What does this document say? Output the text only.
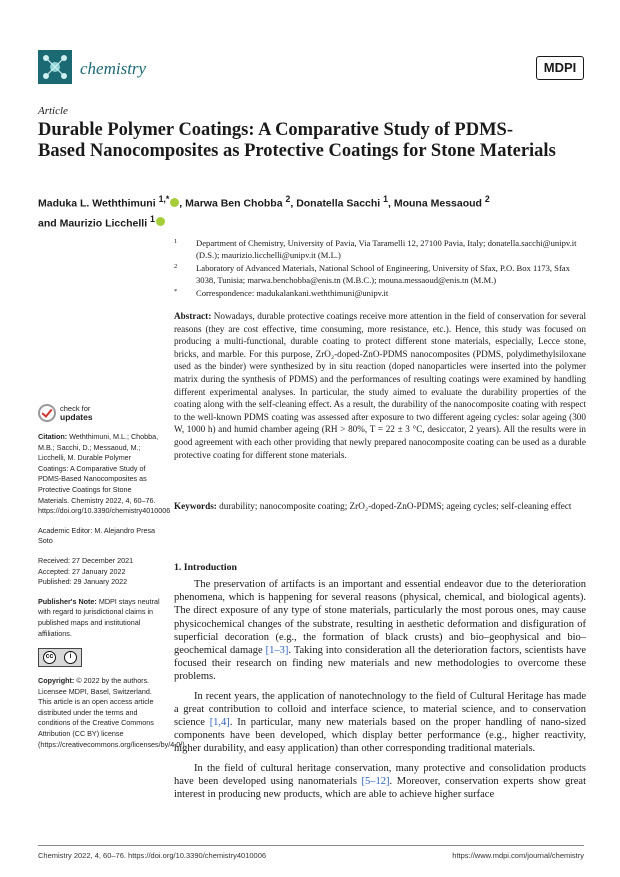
chemistry	MDPI
Article
Durable Polymer Coatings: A Comparative Study of PDMS-Based Nanocomposites as Protective Coatings for Stone Materials
Maduka L. Weththimuni $^{1,*}$ , Marwa Ben Chobba $^2$, Donatella Sacchi $^1$, Mouna Messaoud $^2$
and Maurizio Licchelli $^1$
1 Department of Chemistry, University of Pavia, Via Taramelli 12, 27100 Pavia, Italy; donatella.sacchi@unipv.it (D.S.); maurizio.licchelli@unipv.it (M.L.)
2 Laboratory of Advanced Materials, National School of Engineering, University of Sfax, P.O. Box 1173, Sfax 3038, Tunisia; marwa.benchobba@enis.tn (M.B.C.); mouna.messaoud@enis.tn (M.M.)
* Correspondence: madukalankani.weththimuni@unipv.it
Abstract: Nowadays, durable protective coatings receive more attention in the field of conservation for several reasons (they are cost effective, time consuming, more resistance, etc.). Hence, this study was focused on producing a multi-functional, durable coating to protect different stone materials, especially, Lecce stone, bricks, and marble. For this purpose, ZrO₂-doped-ZnO-PDMS nanocomposites (PDMS, polydimethylsiloxane used as the binder) were synthesized by in situ reaction (doped nanoparticles were inserted into the polymer matrix during the synthesis of PDMS) and the performances of resulting coatings were examined by handling different experimental analyses. In particular, the study aimed to evaluate the durability properties of the coating along with the self-cleaning effect. As a result, the durability of the nanocomposite coating with respect to the well-known PDMS coating was assessed after exposure to two different ageing cycles: solar ageing (300 W, 1000 h) and humid chamber ageing (RH > 80%, T = 22 ± 3 °C, desiccator, 2 years). All the results were in good agreement with each other providing that newly prepared nanocomposite coating can be used as a durable protective coating for different stone materials.
Keywords: durability; nanocomposite coating; ZrO₂-doped-ZnO-PDMS; ageing cycles; self-cleaning effect
check for
updates
Citation: Weththimuni, M.L.; Chobba, M.B.; Sacchi, D.; Messaoud, M.; Licchelli, M. Durable Polymer Coatings: A Comparative Study of PDMS-Based Nanocomposites as Protective Coatings for Stone Materials. Chemistry 2022, 4, 60–76. https://doi.org/10.3390/chemistry4010006
Academic Editor: M. Alejandro Presa Soto
Received: 27 December 2021
Accepted: 27 January 2022
Published: 29 January 2022
Publisher's Note: MDPI stays neutral with regard to jurisdictional claims in published maps and institutional affiliations.
cc	i
Copyright: © 2022 by the authors. Licensee MDPI, Basel, Switzerland. This article is an open access article distributed under the terms and conditions of the Creative Commons Attribution (CC BY) license (https://creativecommons.org/licenses/by/4.0/).
1. Introduction

The preservation of artifacts is an important and essential endeavor due to the deterioration phenomena, which is happening for several reasons (physical, chemical, and biological agents). The direct exposure of any type of stone materials, particularly the most porous ones, may cause physicochemical changes of the substrate, resulting in aesthetic deformation and disfiguration of superficial decoration (e.g., the formation of black crusts) and bio–geophysical and bio–geochemical damage [1–3]. Taking into consideration all the deterioration factors, scientists have focused their research on finding new materials and new methodologies to overcome these problems.

In recent years, the application of nanotechnology to the field of Cultural Heritage has made a great contribution to colloid and interface science, to material science, and to conservation science [1,4]. In particular, many new materials based on the proper handling of nano-sized components have been developed, which display better performance (e.g., higher reactivity, higher durability, and easy application) than other corresponding traditional materials.

In the field of cultural heritage conservation, many protective and consolidation products have been developed using nanomaterials [5–12]. Moreover, conservation experts show great interest in producing new products, which are able to achieve higher surface

Chemistry 2022, 4, 60–76. https://doi.org/10.3390/chemistry4010006	https://www.mdpi.com/journal/chemistry
